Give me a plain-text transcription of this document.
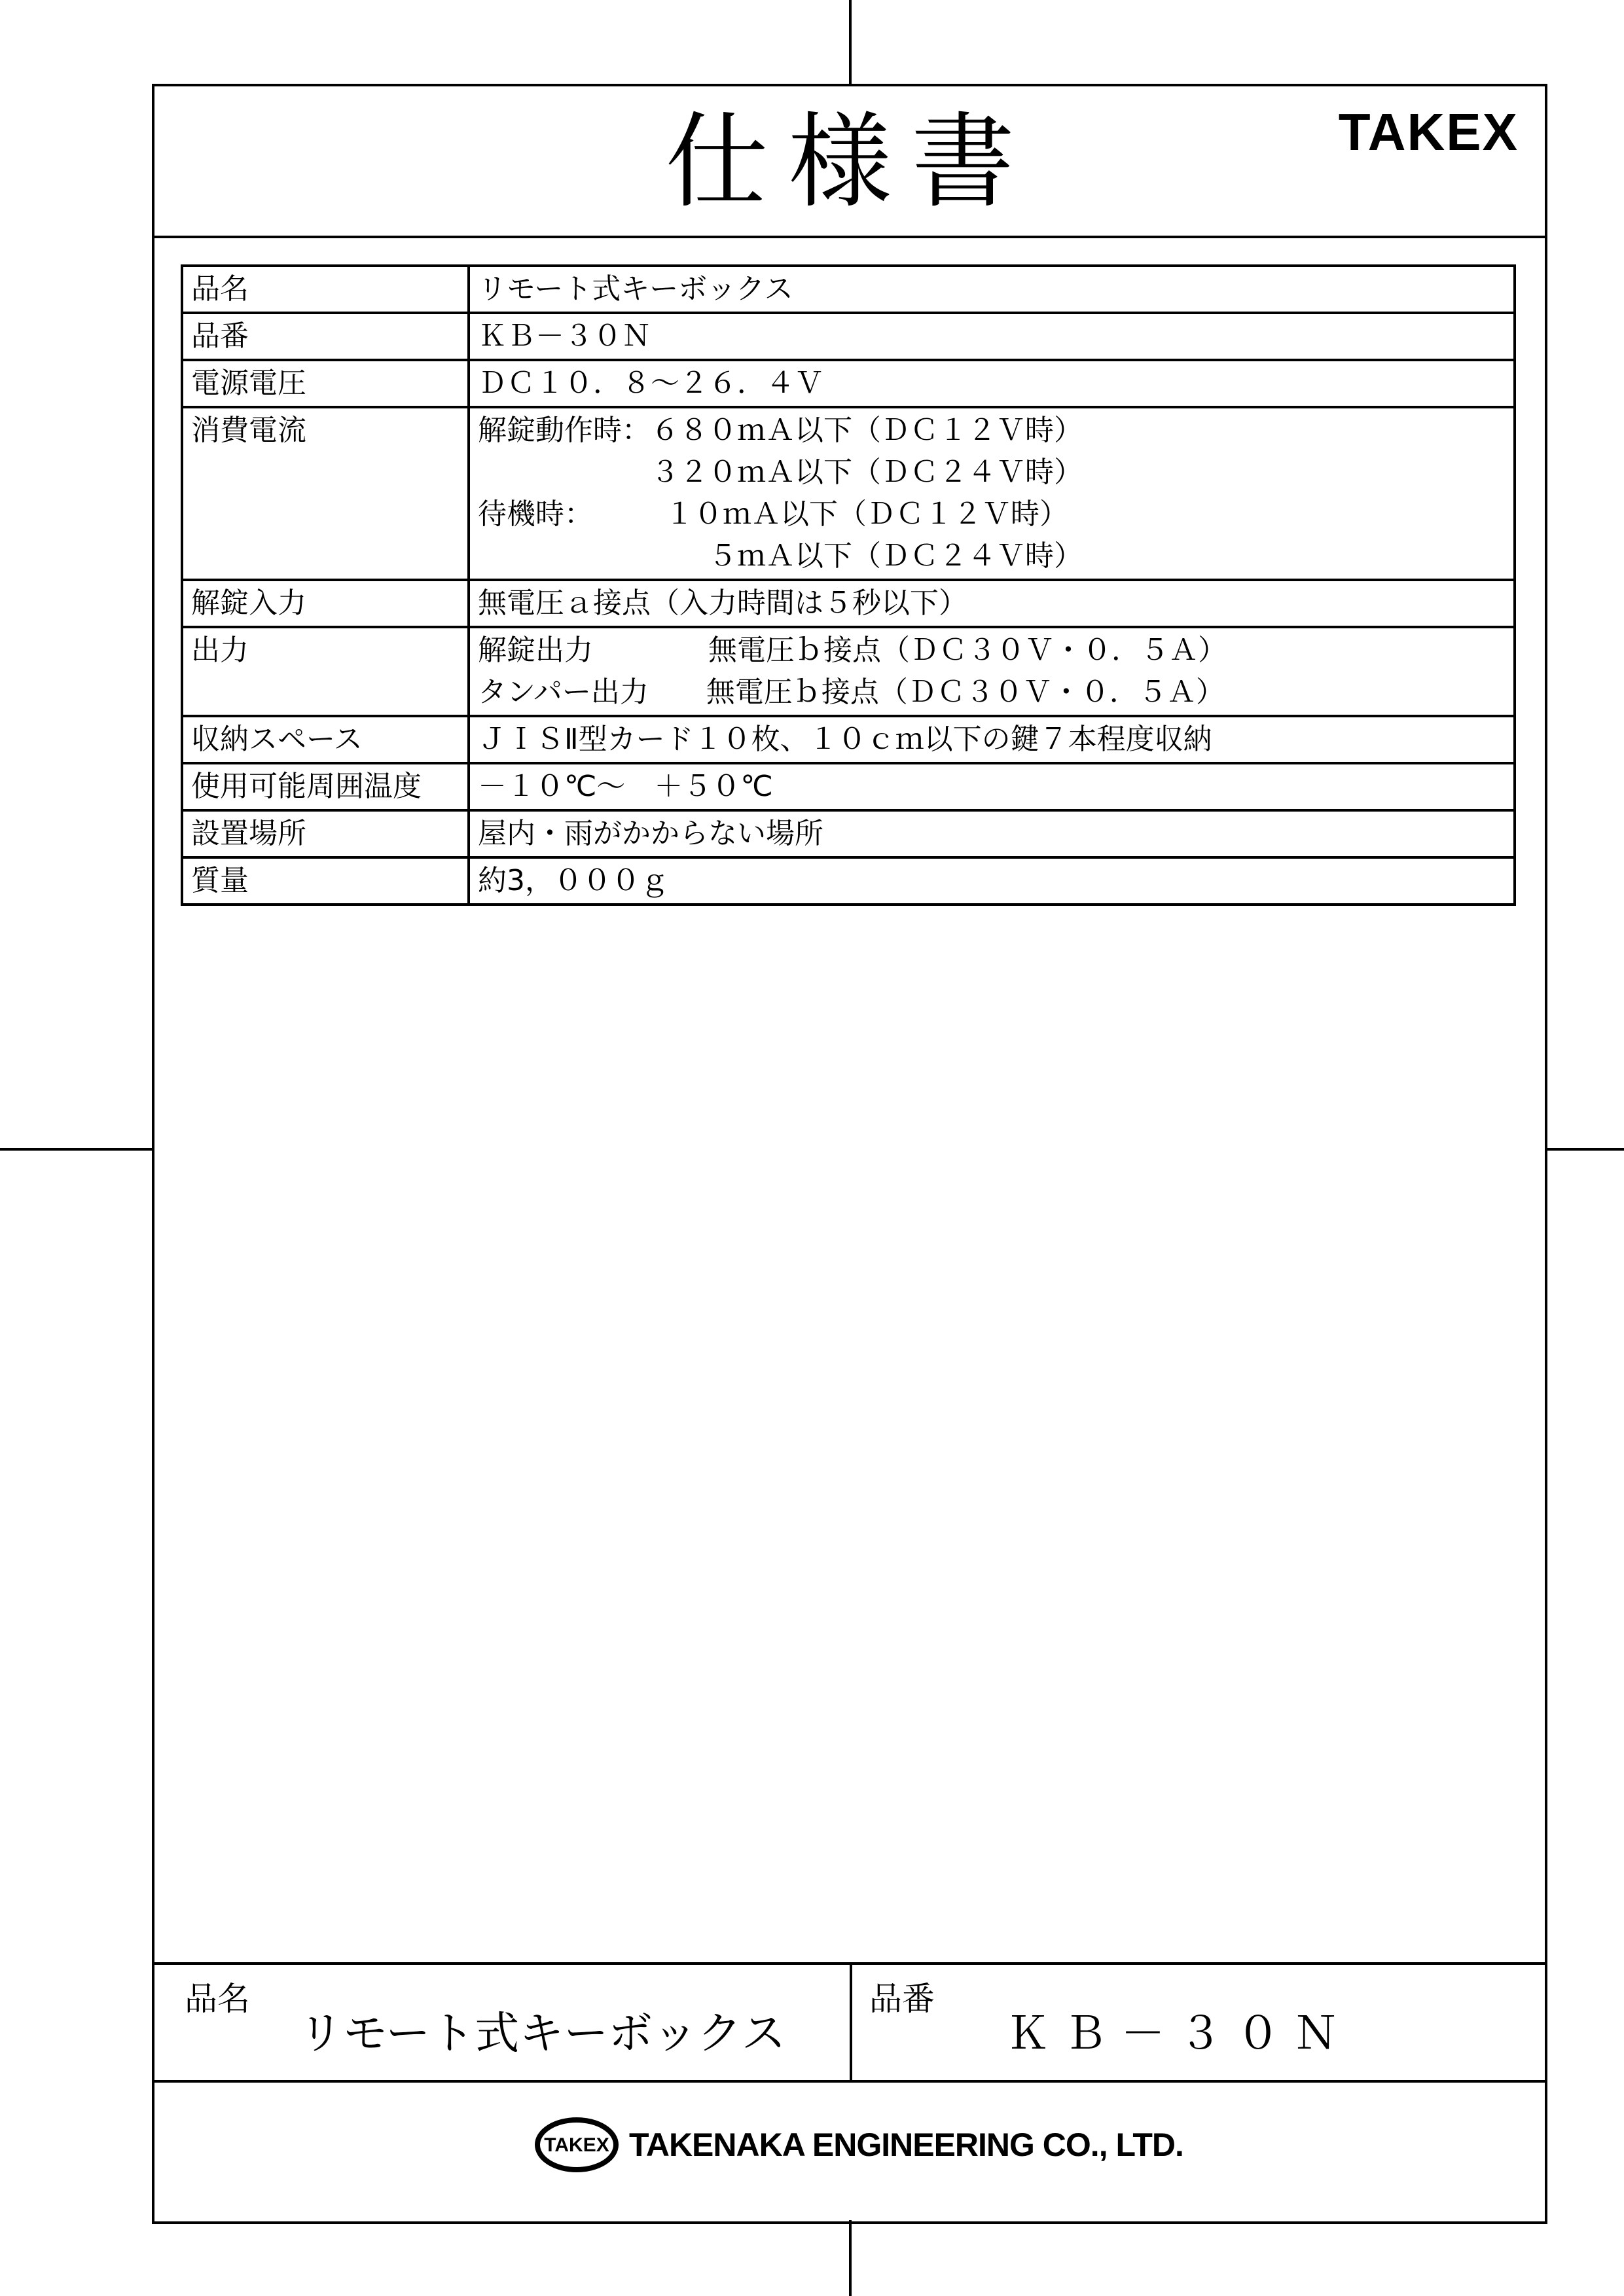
仕様書	TAKEX
品名	リモート式キーボックス

品番	ＫＢ－３０Ｎ

電源電圧	ＤＣ１０．８～２６．４Ｖ

消費電流	解錠動作時：６８０ｍＡ以下（ＤＣ１２Ｖ時）
　　　　　　３２０ｍＡ以下（ＤＣ２４Ｖ時）
待機時：　　　１０ｍＡ以下（ＤＣ１２Ｖ時）
　　　　　　　　５ｍＡ以下（ＤＣ２４Ｖ時）

解錠入力	無電圧ａ接点（入力時間は５秒以下）

出力	解錠出力　　　　無電圧ｂ接点（ＤＣ３０Ｖ・０．５Ａ）
タンパー出力　　無電圧ｂ接点（ＤＣ３０Ｖ・０．５Ａ）

収納スペース	ＪＩＳⅡ型カード１０枚、１０ｃｍ以下の鍵７本程度収納

使用可能周囲温度	－１０℃～　＋５０℃

設置場所	屋内・雨がかからない場所

質量	約3，０００ｇ
品名
リモート式キーボックス
品番
ＫＢ－３０Ｎ
TAKEX TAKENAKA ENGINEERING CO., LTD.
